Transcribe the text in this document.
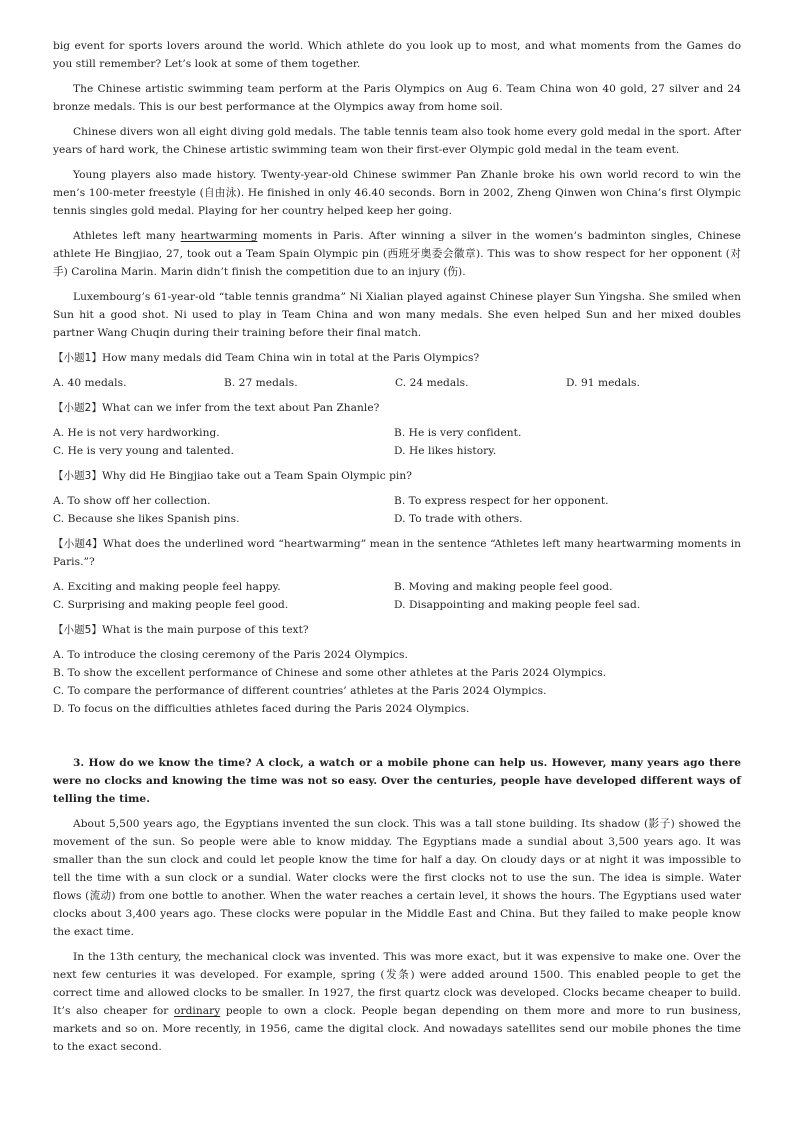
big event for sports lovers around the world. Which athlete do you look up to most, and what moments from the Games do you still remember? Let’s look at some of them together.

The Chinese artistic swimming team perform at the Paris Olympics on Aug 6. Team China won 40 gold, 27 silver and 24 bronze medals. This is our best performance at the Olympics away from home soil.

Chinese divers won all eight diving gold medals. The table tennis team also took home every gold medal in the sport. After years of hard work, the Chinese artistic swimming team won their first-ever Olympic gold medal in the team event.

Young players also made history. Twenty-year-old Chinese swimmer Pan Zhanle broke his own world record to win the men’s 100-meter freestyle (自由泳). He finished in only 46.40 seconds. Born in 2002, Zheng Qinwen won China’s first Olympic tennis singles gold medal. Playing for her country helped keep her going.

Athletes left many heartwarming moments in Paris. After winning a silver in the women’s badminton singles, Chinese athlete He Bingjiao, 27, took out a Team Spain Olympic pin (西班牙奥委会徽章). This was to show respect for her opponent (对手) Carolina Marin. Marin didn’t finish the competition due to an injury (伤).

Luxembourg’s 61-year-old “table tennis grandma” Ni Xialian played against Chinese player Sun Yingsha. She smiled when Sun hit a good shot. Ni used to play in Team China and won many medals. She even helped Sun and her mixed doubles partner Wang Chuqin during their training before their final match.

【小题1】How many medals did Team China win in total at the Paris Olympics?

A. 40 medals.	B. 27 medals.	C. 24 medals.	D. 91 medals.

【小题2】What can we infer from the text about Pan Zhanle?

A. He is not very hardworking.	B. He is very confident.
C. He is very young and talented.	D. He likes history.

【小题3】Why did He Bingjiao take out a Team Spain Olympic pin?

A. To show off her collection.	B. To express respect for her opponent.
C. Because she likes Spanish pins.	D. To trade with others.

【小题4】What does the underlined word “heartwarming” mean in the sentence “Athletes left many heartwarming moments in Paris.”?

A. Exciting and making people feel happy.	B. Moving and making people feel good.
C. Surprising and making people feel good.	D. Disappointing and making people feel sad.

【小题5】What is the main purpose of this text?

A. To introduce the closing ceremony of the Paris 2024 Olympics.
B. To show the excellent performance of Chinese and some other athletes at the Paris 2024 Olympics.
C. To compare the performance of different countries’ athletes at the Paris 2024 Olympics.
D. To focus on the difficulties athletes faced during the Paris 2024 Olympics.

3. How do we know the time? A clock, a watch or a mobile phone can help us. However, many years ago there were no clocks and knowing the time was not so easy. Over the centuries, people have developed different ways of telling the time.

About 5,500 years ago, the Egyptians invented the sun clock. This was a tall stone building. Its shadow (影子) showed the movement of the sun. So people were able to know midday. The Egyptians made a sundial about 3,500 years ago. It was smaller than the sun clock and could let people know the time for half a day. On cloudy days or at night it was impossible to tell the time with a sun clock or a sundial. Water clocks were the first clocks not to use the sun. The idea is simple. Water flows (流动) from one bottle to another. When the water reaches a certain level, it shows the hours. The Egyptians used water clocks about 3,400 years ago. These clocks were popular in the Middle East and China. But they failed to make people know the exact time.

In the 13th century, the mechanical clock was invented. This was more exact, but it was expensive to make one. Over the next few centuries it was developed. For example, spring (发条) were added around 1500. This enabled people to get the correct time and allowed clocks to be smaller. In 1927, the first quartz clock was developed. Clocks became cheaper to build. It’s also cheaper for ordinary people to own a clock. People began depending on them more and more to run business, markets and so on. More recently, in 1956, came the digital clock. And nowadays satellites send our mobile phones the time to the exact second.
